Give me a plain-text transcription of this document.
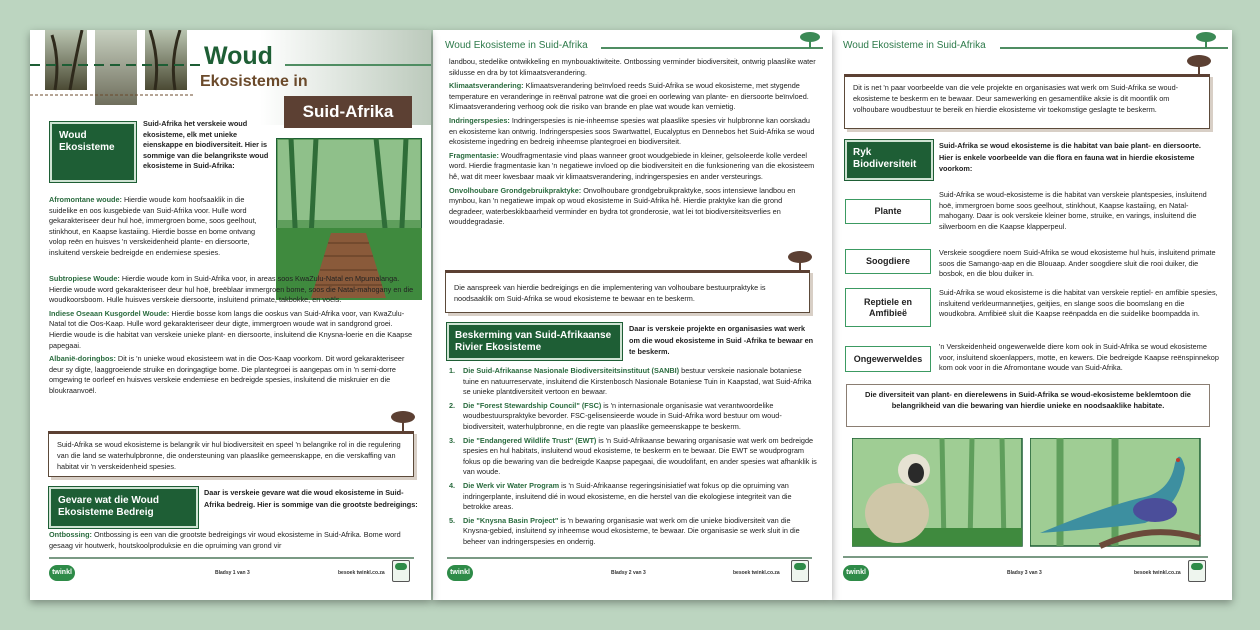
Woud
Ekosisteme in
Suid-Afrika
Woud Ekosisteme
Suid-Afrika het verskeie woud ekosisteme, elk met unieke eienskappe en biodiversiteit. Hier is sommige van die belangrikste woud ekosisteme in Suid-Afrika:
Afromontane woude: Hierdie woude kom hoofsaaklik in die suidelike en oos kusgebiede van Suid-Afrika voor. Hulle word gekarakteriseer deur hul hoë, immergroen bome, soos geelhout, stinkhout, en Kaapse kastaiing. Hierdie bosse en bome ontvang volop reën en huisves 'n verskeidenheid plante- en diersoorte, insluitend verskeie bedreigde en endemiese spesies.

Subtropiese Woude: Hierdie woude kom in Suid-Afrika voor, in areas soos KwaZulu-Natal en Mpumalanga. Hierdie woude word gekarakteriseer deur hul hoë, breëblaar immergroen bome, soos die Natal-mahogany en die woudkoorsboom. Hulle huisves verskeie diersoorte, insluitend primate, takbokke, en voëls.

Indiese Oseaan Kusgordel Woude: Hierdie bosse kom langs die ooskus van Suid-Afrika voor, van KwaZulu-Natal tot die Oos-Kaap. Hulle word gekarakteriseer deur digte, immergroen woude wat in sandgrond groei. Hierdie woude is die habitat van verskeie unieke plant- en diersoorte, insluitend die Knysna-loerie en die Kaapse papegaai.

Albanië-doringbos: Dit is 'n unieke woud ekosisteem wat in die Oos-Kaap voorkom. Dit word gekarakteriseer deur sy digte, laaggroeiende struike en doringagtige bome. Die plantegroei is aangepas om in 'n semi-dorre omgewing te oorleef en huisves verskeie endemiese en bedreigde spesies, insluitend die miskruier en die bloukraanvoël.

Suid-Afrika se woud ekosisteme is belangrik vir hul biodiversiteit en speel 'n belangrike rol in die regulering van die land se waterhulpbronne, die ondersteuning van plaaslike gemeenskappe, en die verskaffing van habitat vir 'n verskeidenheid spesies.
Gevare wat die Woud Ekosisteme Bedreig
Daar is verskeie gevare wat die woud ekosisteme in Suid-Afrika bedreig. Hier is sommige van die grootste bedreigings:
Ontbossing: Ontbossing is een van die grootste bedreigings vir woud ekosisteme in Suid-Afrika. Bome word gesaag vir houtwerk, houtskoolproduksie en die opruiming van grond vir
twinkl	Bladsy 1 van 3	besoek twinkl.co.za
Woud Ekosisteme in Suid-Afrika

landbou, stedelike ontwikkeling en mynbouaktiwiteite. Ontbossing verminder biodiversiteit, ontwrig plaaslike water siklusse en dra by tot klimaatsverandering.

Klimaatsverandering: Klimaatsverandering beïnvloed reeds Suid-Afrika se woud ekosisteme, met stygende temperature en veranderinge in reënval patrone wat die groei en oorlewing van plante- en diersoorte beïnvloed. Klimaatsverandering verhoog ook die risiko van brande en plae wat woude kan vernietig.

Indringerspesies: Indringerspesies is nie-inheemse spesies wat plaaslike spesies vir hulpbronne kan oorskadu en ekosisteme kan ontwrig. Indringerspesies soos Swartwattel, Eucalyptus en Dennebos het Suid-Afrika se woud ekosisteme ingedring en bedreig inheemse plantegroei en biodiversiteit.

Fragmentasie: Woudfragmentasie vind plaas wanneer groot woudgebiede in kleiner, geïsoleerde kolle verdeel word. Hierdie fragmentasie kan 'n negatiewe invloed op die biodiversiteit en die funksionering van die ekosisteem hê, wat dit meer kwesbaar maak vir klimaatsverandering, indringerspesies en ander versteurings.

Onvolhoubare Grondgebruikpraktyke: Onvolhoubare grondgebruikpraktyke, soos intensiewe landbou en mynbou, kan 'n negatiewe impak op woud ekosisteme in Suid-Afrika hê. Hierdie praktyke kan die grond degradeer, waterbeskikbaarheid verminder en bydra tot gronderosie, wat lei tot biodiversiteitsverlies en wouddegradasie.

Die aanspreek van hierdie bedreigings en die implementering van volhoubare bestuurpraktyke is noodsaaklik om Suid-Afrika se woud ekosisteme te bewaar en te beskerm.
Beskerming van Suid-Afrikaanse Rivier Ekosisteme
Daar is verskeie projekte en organisasies wat werk om die woud ekosisteme in Suid -Afrika te bewaar en te beskerm.
1. Die Suid-Afrikaanse Nasionale Biodiversiteitsinstituut (SANBI) bestuur verskeie nasionale botaniese tuine en natuurreservate, insluitend die Kirstenbosch Nasionale Botaniese Tuin in Kaapstad, wat Suid-Afrika se unieke plantdiversiteit vertoon en bewaar.
2. Die "Forest Stewardship Council" (FSC) is 'n internasionale organisasie wat verantwoordelike woudbestuurspraktyke bevorder. FSC-gelisensieerde woude in Suid-Afrika word bestuur om woud-biodiversiteit, waterhulpbronne, en die regte van plaaslike gemeenskappe te beskerm.
3. Die "Endangered Wildlife Trust" (EWT) is 'n Suid-Afrikaanse bewaring organisasie wat werk om bedreigde spesies en hul habitats, insluitend woud ekosisteme, te beskerm en te bewaar. Die EWT se woudprogram fokus op die bewaring van die bedreigde Kaapse papegaai, die woudolifant, en ander spesies wat afhanklik is van woude.
4. Die Werk vir Water Program is 'n Suid-Afrikaanse regeringsinisiatief wat fokus op die opruiming van indringerplante, insluitend dié in woud ekosisteme, en die herstel van die ekologiese integriteit van die betrokke areas.
5. Die "Knysna Basin Project" is 'n bewaring organisasie wat werk om die unieke biodiversiteit van die Knysna-gebied, insluitend sy inheemse woud ekosisteme, te bewaar. Die organisasie se werk sluit in die beheer van indringerspesies en onderrig.
twinkl	Bladsy 2 van 3	besoek twinkl.co.za
Woud Ekosisteme in Suid-Afrika
Dit is net 'n paar voorbeelde van die vele projekte en organisasies wat werk om Suid-Afrika se woud-ekosisteme te beskerm en te bewaar. Deur samewerking en gesamentlike aksie is dit moontlik om volhoubare woudbestuur te bereik en hierdie ekosisteme vir toekomstige geslagte te beskerm.
Ryk Biodiversiteit
Suid-Afrika se woud ekosisteme is die habitat van baie plant- en diersoorte. Hier is enkele voorbeelde van die flora en fauna wat in hierdie ekosisteme voorkom:
Plante
Suid-Afrika se woud-ekosisteme is die habitat van verskeie plantspesies, insluitend hoë, immergroen bome soos geelhout, stinkhout, Kaapse kastaiing, en Natal-mahogany. Daar is ook verskeie kleiner bome, struike, en varings, insluitend die silwerboom en die Kaapse klapperpeul.
Soogdiere
Verskeie soogdiere noem Suid-Afrika se woud ekosisteme hul huis, insluitend primate soos die Samango-aap en die Blouaap. Ander soogdiere sluit die rooi duiker, die bosbok, en die blou duiker in.
Reptiele en Amfibieë
Suid-Afrika se woud ekosisteme is die habitat van verskeie reptiel- en amfibie spesies, insluitend verkleurmannetjies, geitjies, en slange soos die boomslang en die woudkobra. Amfibieë sluit die Kaapse reënpadda en die suidelike boompadda in.
Ongewerweldes
'n Verskeidenheid ongewerwelde diere kom ook in Suid-Afrika se woud ekosisteme voor, insluitend skoenlappers, motte, en kewers. Die bedreigde Kaapse reënspinnekop kom ook voor in die Afromontane woude van Suid-Afrika.
Die diversiteit van plant- en dierelewens in Suid-Afrika se woud-ekosisteme beklemtoon die belangrikheid van die bewaring van hierdie unieke en noodsaaklike habitate.
twinkl	Bladsy 3 van 3	besoek twinkl.co.za
